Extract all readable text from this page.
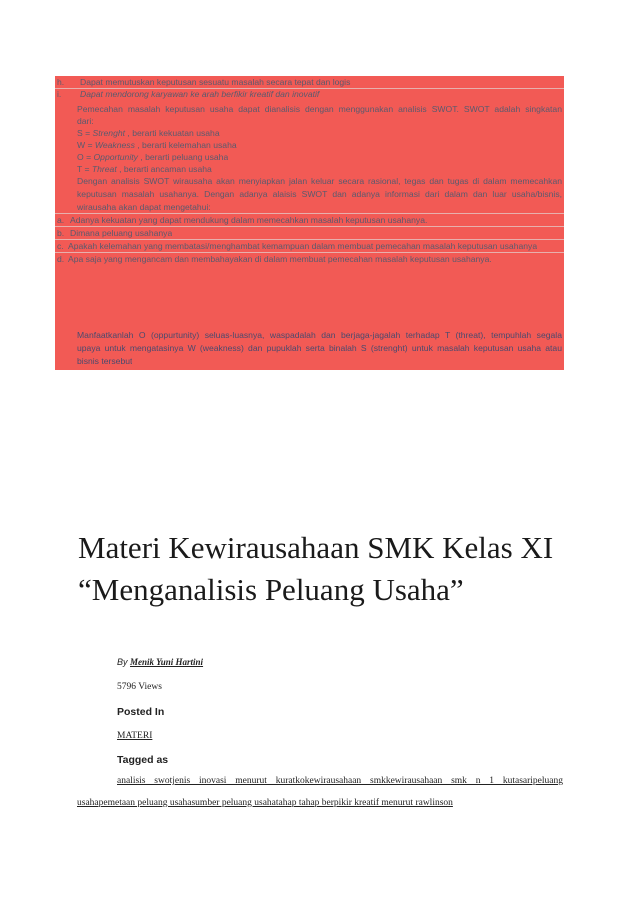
h. Dapat memutuskan keputusan sesuatu masalah secara tepat dan logis
i. Dapat mendorong karyawan ke arah berfikir kreatif dan inovatif
Pemecahan masalah keputusan usaha dapat dianalisis dengan menggunakan analisis SWOT. SWOT adalah singkatan
dari:
S = Strenght , berarti kekuatan usaha
W = Weakness , berarti kelemahan usaha
O = Opportunity , berarti peluang usaha
T = Threat , berarti ancaman usaha
Dengan analisis SWOT wirausaha akan menyiapkan jalan keluar secara rasional, tegas dan tugas di dalam memecahkan
keputusan masalah usahanya. Dengan adanya alaisis SWOT dan adanya informasi dari dalam dan luar usaha/bisnis,
wirausaha akan dapat mengetahui:
a. Adanya kekuatan yang dapat mendukung dalam memecahkan masalah keputusan usahanya.
b. Dimana peluang usahanya
c. Apakah kelemahan yang membatasi/menghambat kemampuan dalam membuat pemecahan masalah keputusan usahanya
d. Apa saja yang mengancam dan membahayakan di dalam membuat pemecahan masalah keputusan usahanya.
Manfaatkanlah O (oppurtunity) seluas-luasnya, waspadalah dan berjaga-jagalah terhadap T (threat), tempuhlah segala
upaya untuk mengatasinya W (weakness) dan pupuklah serta binalah S (strenght) untuk masalah keputusan usaha atau
bisnis tersebut
Materi Kewirausahaan SMK Kelas XI “Menganalisis Peluang Usaha”
By Menik Yuni Hartini
5796 Views
Posted In
MATERI
Tagged as
analisis swotjenis inovasi menurut kuratkokewirausahaan smkkewirausahaan smk n 1 kutasaripeluang
usahapemetaan peluang usahasumber peluang usahatahap tahap berpikir kreatif menurut rawlinson
